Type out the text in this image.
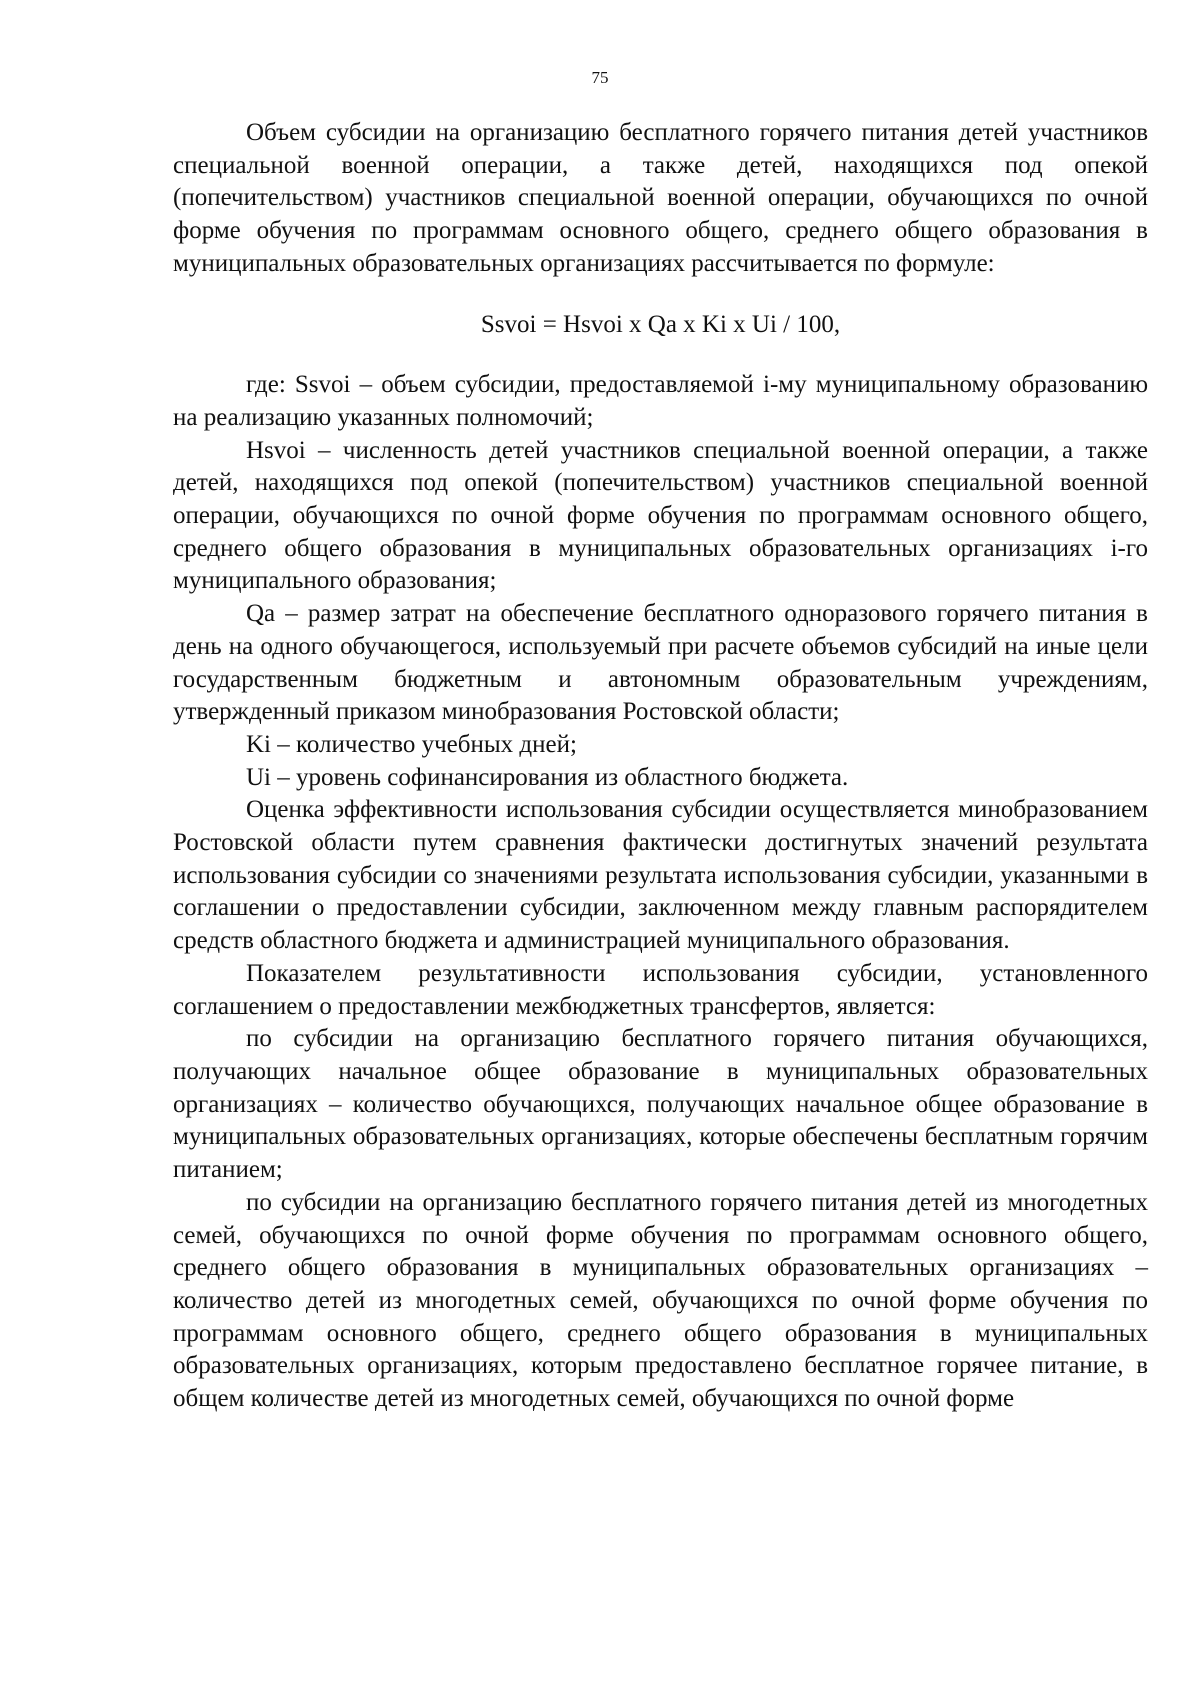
75

Объем субсидии на организацию бесплатного горячего питания детей участников специальной военной операции, а также детей, находящихся под опекой (попечительством) участников специальной военной операции, обучающихся по очной форме обучения по программам основного общего, среднего общего образования в муниципальных образовательных организациях рассчитывается по формуле:

Ssvoi = Hsvoi x Qa x Ki x Ui / 100,

где: Ssvoi – объем субсидии, предоставляемой i-му муниципальному образованию на реализацию указанных полномочий;

Hsvoi – численность детей участников специальной военной операции, а также детей, находящихся под опекой (попечительством) участников специальной военной операции, обучающихся по очной форме обучения по программам основного общего, среднего общего образования в муниципальных образовательных организациях i-го муниципального образования;

Qa – размер затрат на обеспечение бесплатного одноразового горячего питания в день на одного обучающегося, используемый при расчете объемов субсидий на иные цели государственным бюджетным и автономным образовательным учреждениям, утвержденный приказом минобразования Ростовской области;

Ki – количество учебных дней;

Ui – уровень софинансирования из областного бюджета.

Оценка эффективности использования субсидии осуществляется минобразованием Ростовской области путем сравнения фактически достигнутых значений результата использования субсидии со значениями результата использования субсидии, указанными в соглашении о предоставлении субсидии, заключенном между главным распорядителем средств областного бюджета и администрацией муниципального образования.

Показателем результативности использования субсидии, установленного соглашением о предоставлении межбюджетных трансфертов, является:

по субсидии на организацию бесплатного горячего питания обучающихся, получающих начальное общее образование в муниципальных образовательных организациях – количество обучающихся, получающих начальное общее образование в муниципальных образовательных организациях, которые обеспечены бесплатным горячим питанием;

по субсидии на организацию бесплатного горячего питания детей из многодетных семей, обучающихся по очной форме обучения по программам основного общего, среднего общего образования в муниципальных образовательных организациях – количество детей из многодетных семей, обучающихся по очной форме обучения по программам основного общего, среднего общего образования в муниципальных образовательных организациях, которым предоставлено бесплатное горячее питание, в общем количестве детей из многодетных семей, обучающихся по очной форме
